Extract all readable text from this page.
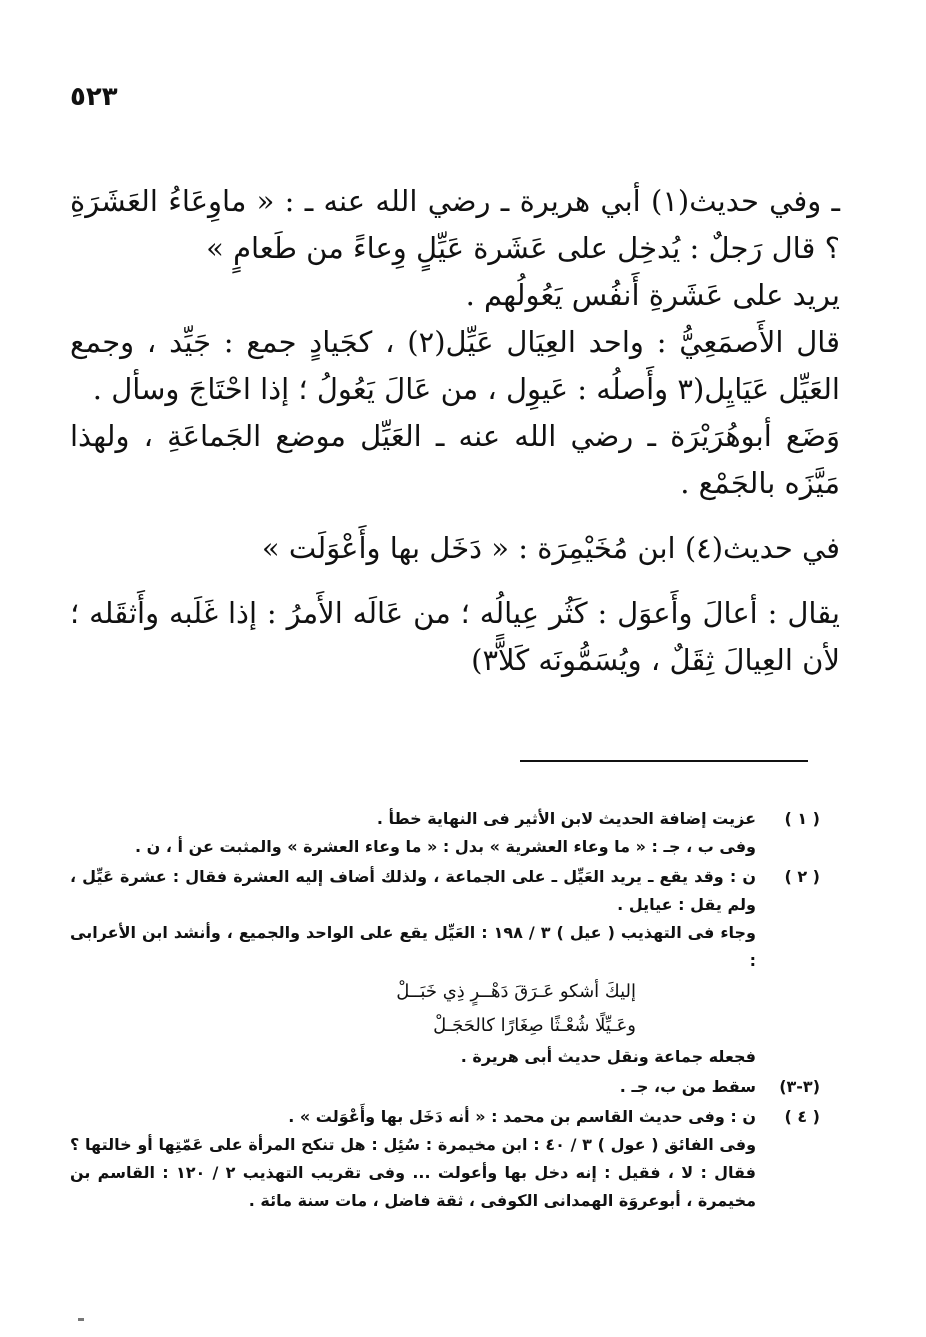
٥٢٣

ـ وفي حديث(١) أبي هريرة ـ رضي الله عنه ـ : « ماوِعَاءُ العَشَرَةِ ؟ قال رَجلٌ : يُدخِل على عَشَرة عَيِّلٍ وِعاءً من طَعامٍ »

يريد على عَشَرةِ أَنفُس يَعُولُهم .

قال الأَصمَعِيُّ : واحد العِيَال عَيِّل(٢) ، كجَيادٍ جمع : جَيِّد ، وجمع العَيِّل عَيَايِل(٣ وأَصلُه : عَيوِل ، من عَالَ يَعُولُ ؛ إذا احْتَاجَ وسأل .

وَضَع أبوهُرَيْرَة ـ رضي الله عنه ـ العَيِّل موضع الجَماعَةِ ، ولهذا مَيَّزَه بالجَمْع .

في حديث(٤) ابن مُخَيْمِرَة : « دَخَل بها وأَعْوَلَت »

يقال : أعالَ وأَعوَل : كَثُر عِيالُه ؛ من عَالَه الأَمرُ : إذا غَلَبه وأَثقَله ؛ لأن العِيالَ ثِقَلٌ ، ويُسَمُّونَه كَلاًّ٣)

( ١ )
عزيت إضافة الحديث لابن الأثير فى النهاية خطأ .
وفى ب ، جـ : « ما وعاء العشرية » بدل : « ما وعاء العشرة » والمثبت عن أ ، ن .
( ٢ )
ن : وقد يقع ـ يريد العَيِّل ـ على الجماعة ، ولذلك أضاف إليه العشرة فقال : عشرة عَيِّل ، ولم يقل : عيايل .
وجاء فى التهذيب ( عيل ) ٣ / ١٩٨ : العَيِّل يقع على الواحد والجميع ، وأنشد ابن الأعرابى :
إليكَ أشكو عَـرَقَ دَهْــرٍ ذِي خَبَــلْ
وعَـيِّلًا شُعْـثًا صِغَارًا كالحَجَـلْ
فجعله جماعة ونقل حديث أبى هريرة .
(٣-٣)
سقط من ب، جـ .
( ٤ )
ن : وفى حديث القاسم بن محمد : « أنه دَخَل بها وأَعْوَلت » .
وفى الفائق ( عول ) ٣ / ٤٠ : ابن مخيمرة : سُئِل : هل تنكح المرأة على عَمّتِها أو خالتها ؟ فقال : لا ، فقيل : إنه دخل بها وأعولت ... وفى تقريب التهذيب ٢ / ١٢٠ : القاسم بن مخيمرة ، أبوعروَة الهمدانى الكوفى ، ثقة فاضل ، مات سنة مائة .
